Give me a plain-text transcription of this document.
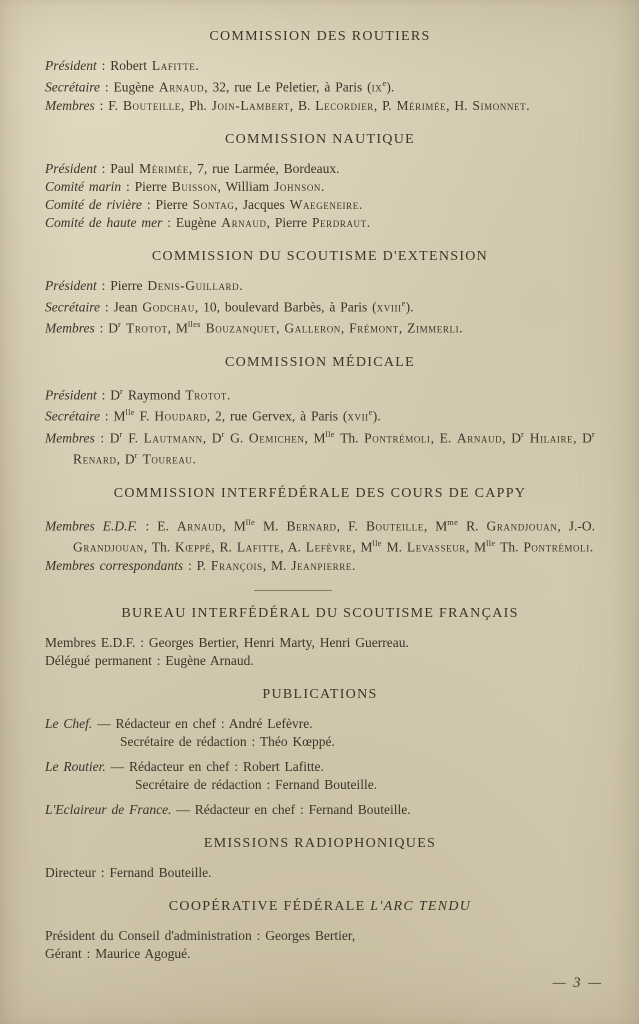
COMMISSION DES ROUTIERS

Président : Robert Lafitte.

Secrétaire : Eugène Arnaud, 32, rue Le Peletier, à Paris $(ix^e)$.

Membres : F. Bouteille, Ph. Join-Lambert, B. Lecordier, P. Mérimée, H. Simonnet.

COMMISSION NAUTIQUE

Président : Paul Mérimée, 7, rue Larmée, Bordeaux.

Comité marin : Pierre Buisson, William Johnson.

Comité de rivière : Pierre Sontag, Jacques Waegeneire.

Comité de haute mer : Eugène Arnaud, Pierre Perdraut.

COMMISSION DU SCOUTISME D'EXTENSION

Président : Pierre Denis-Guillard.

Secrétaire : Jean Godchau, 10, boulevard Barbès, à Paris (xviii$^e$).

Membres : $D^r$ Trotot, $M^{lles}$ Bouzanquet, Galleron, Frémont, Zimmerli.

COMMISSION MÉDICALE

Président : $D^r$ Raymond Trotot.

Secrétaire : $M^{lle}$ F. Houdard, 2, rue Gervex, à Paris (xvii$^e$).

Membres : $D^r$ F. Lautmann, $D^r$ G. Oemichen, $M^{lle}$ Th. Pontrémoli, E. Arnaud, $D^r$ Hilaire, $D^r$ Renard, $D^r$ Toureau.

COMMISSION INTERFÉDÉRALE DES COURS DE CAPPY

Membres E.D.F. : E. Arnaud, $M^{lle}$ M. Bernard, F. Bouteille, $M^{me}$ R. Grandjouan, J.-O. Grandjouan, Th. Kœppé, R. Lafitte, A. Lefèvre, $M^{lle}$ M. Levasseur, $M^{lle}$ Th. Pontrémoli.

Membres correspondants : P. François, M. Jeanpierre.

BUREAU INTERFÉDÉRAL DU SCOUTISME FRANÇAIS

Membres E.D.F. : Georges Bertier, Henri Marty, Henri Guerreau.

Délégué permanent : Eugène Arnaud.

PUBLICATIONS

Le Chef. — Rédacteur en chef : André Lefèvre.

Secrétaire de rédaction : Théo Kœppé.

Le Routier. — Rédacteur en chef : Robert Lafitte.

Secrétaire de rédaction : Fernand Bouteille.

L'Eclaireur de France. — Rédacteur en chef : Fernand Bouteille.

EMISSIONS RADIOPHONIQUES

Directeur : Fernand Bouteille.

COOPÉRATIVE FÉDÉRALE L'ARC TENDU

Président du Conseil d'administration : Georges Bertier,

Gérant : Maurice Agogué.

— 3 —
